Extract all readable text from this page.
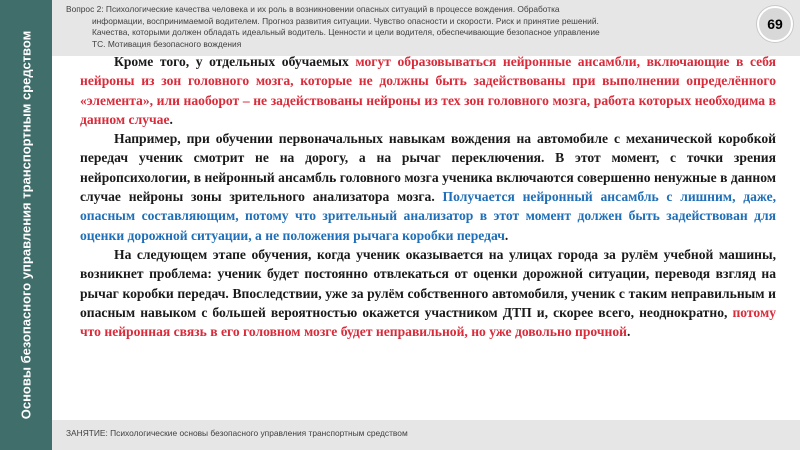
Основы безопасного управления транспортным средством
Вопрос 2: Психологические качества человека и их роль в возникновении опасных ситуаций в процессе вождения. Обработка
информации, воспринимаемой водителем. Прогноз развития ситуации. Чувство опасности и скорости. Риск и принятие решений.
Качества, которыми должен обладать идеальный водитель. Ценности и цели водителя, обеспечивающие безопасное управление
ТС. Мотивация безопасного вождения
69

Кроме того, у отдельных обучаемых могут образовываться нейронные ансамбли, включающие в себя нейроны из зон головного мозга, которые не должны быть задействованы при выполнении определённого «элемента», или наоборот – не задействованы нейроны из тех зон головного мозга, работа которых необходима в данном случае.

Например, при обучении первоначальных навыкам вождения на автомобиле с механической коробкой передач ученик смотрит не на дорогу, а на рычаг переключения. В этот момент, с точки зрения нейропсихологии, в нейронный ансамбль головного мозга ученика включаются совершенно ненужные в данном случае нейроны зоны зрительного анализатора мозга. Получается нейронный ансамбль с лишним, даже, опасным составляющим, потому что зрительный анализатор в этот момент должен быть задействован для оценки дорожной ситуации, а не положения рычага коробки передач.

На следующем этапе обучения, когда ученик оказывается на улицах города за рулём учебной машины, возникнет проблема: ученик будет постоянно отвлекаться от оценки дорожной ситуации, переводя взгляд на рычаг коробки передач. Впоследствии, уже за рулём собственного автомобиля, ученик с таким неправильным и опасным навыком с большей вероятностью окажется участником ДТП и, скорее всего, неоднократно, потому что нейронная связь в его головном мозге будет неправильной, но уже довольно прочной.

ЗАНЯТИЕ: Психологические основы безопасного управления транспортным средством
